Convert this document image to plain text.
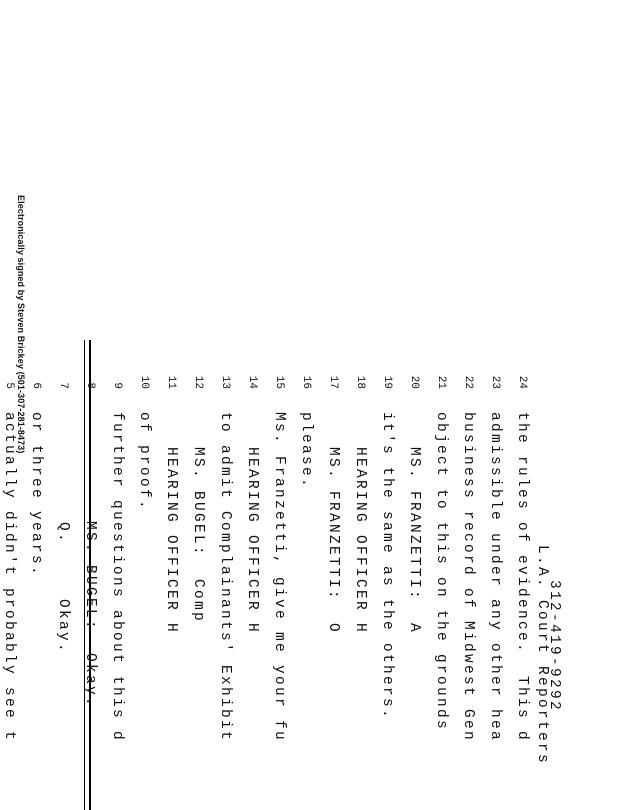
Electronically signed by Steven Brickey (501-307-281-8473)
5
actually didn't probably see t
6
or three years.
7
Q.     Okay.
8
MS. BUGEL:  Okay.
9
further questions about this d
10
of proof.
11
HEARING OFFICER H
12
MS. BUGEL:  Comp
13
to admit Complainants' Exhibit
14
HEARING OFFICER H
15
Ms. Franzetti, give me your fu
16
please.
17
MS. FRANZETTI:  O
18
HEARING OFFICER H
19
it's the same as the others.
20
MS. FRANZETTI:  A
21
object to this on the grounds
22
business record of Midwest Gen
23
admissible under any other hea
24
the rules of evidence.  This d L.A. Court Reporters
312-419-9292
